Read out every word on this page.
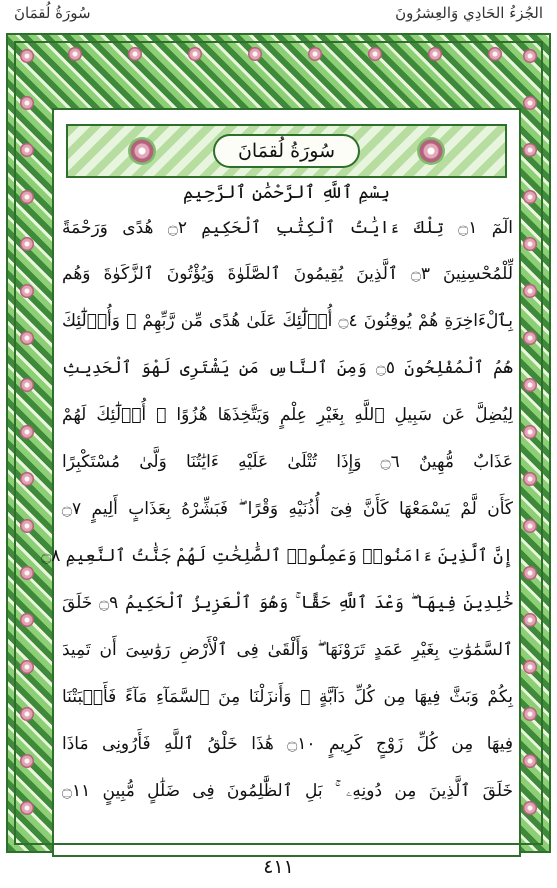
سُورَةُ لُقمَانَ	الجُزءُ الحَادِي وَالعِشرُونَ
سُورَةُ لُقمَانَ
بِسْمِ ٱللَّهِ ٱلرَّحْمَٰنِ ٱلرَّحِيمِ
الٓمٓ ۝١ تِلْكَ ءَايَٰتُ ٱلْكِتَٰبِ ٱلْحَكِيمِ ۝٢ هُدًى وَرَحْمَةً
لِّلْمُحْسِنِينَ ۝٣ ٱلَّذِينَ يُقِيمُونَ ٱلصَّلَوٰةَ وَيُؤْتُونَ ٱلزَّكَوٰةَ وَهُم
بِٱلْءَاخِرَةِ هُمْ يُوقِنُونَ ۝٤ أُو۟لَٰٓئِكَ عَلَىٰ هُدًى مِّن رَّبِّهِمْ ۖ وَأُو۟لَٰٓئِكَ
هُمُ ٱلْمُفْلِحُونَ ۝٥ وَمِنَ ٱلنَّاسِ مَن يَشْتَرِى لَهْوَ ٱلْحَدِيثِ
لِيُضِلَّ عَن سَبِيلِ ٱللَّهِ بِغَيْرِ عِلْمٍ وَيَتَّخِذَهَا هُزُوًا ۚ أُو۟لَٰٓئِكَ لَهُمْ
عَذَابٌ مُّهِينٌ ۝٦ وَإِذَا تُتْلَىٰ عَلَيْهِ ءَايَٰتُنَا وَلَّىٰ مُسْتَكْبِرًا
كَأَن لَّمْ يَسْمَعْهَا كَأَنَّ فِىٓ أُذُنَيْهِ وَقْرًا ۖ فَبَشِّرْهُ بِعَذَابٍ أَلِيمٍ ۝٧
إِنَّ ٱلَّذِينَ ءَامَنُوا۟ وَعَمِلُوا۟ ٱلصَّٰلِحَٰتِ لَهُمْ جَنَّٰتُ ٱلنَّعِيمِ ۝٨
خَٰلِدِينَ فِيهَا ۖ وَعْدَ ٱللَّهِ حَقًّا ۚ وَهُوَ ٱلْعَزِيزُ ٱلْحَكِيمُ ۝٩ خَلَقَ
ٱلسَّمَٰوَٰتِ بِغَيْرِ عَمَدٍ تَرَوْنَهَا ۖ وَأَلْقَىٰ فِى ٱلْأَرْضِ رَوَٰسِىَ أَن تَمِيدَ
بِكُمْ وَبَثَّ فِيهَا مِن كُلِّ دَآبَّةٍ ۚ وَأَنزَلْنَا مِنَ ٱلسَّمَآءِ مَآءً فَأَنۢبَتْنَا
فِيهَا مِن كُلِّ زَوْجٍ كَرِيمٍ ۝١٠ هَٰذَا خَلْقُ ٱللَّهِ فَأَرُونِى مَاذَا
خَلَقَ ٱلَّذِينَ مِن دُونِهِۦ ۚ بَلِ ٱلظَّٰلِمُونَ فِى ضَلَٰلٍ مُّبِينٍ ۝١١
٤١١
